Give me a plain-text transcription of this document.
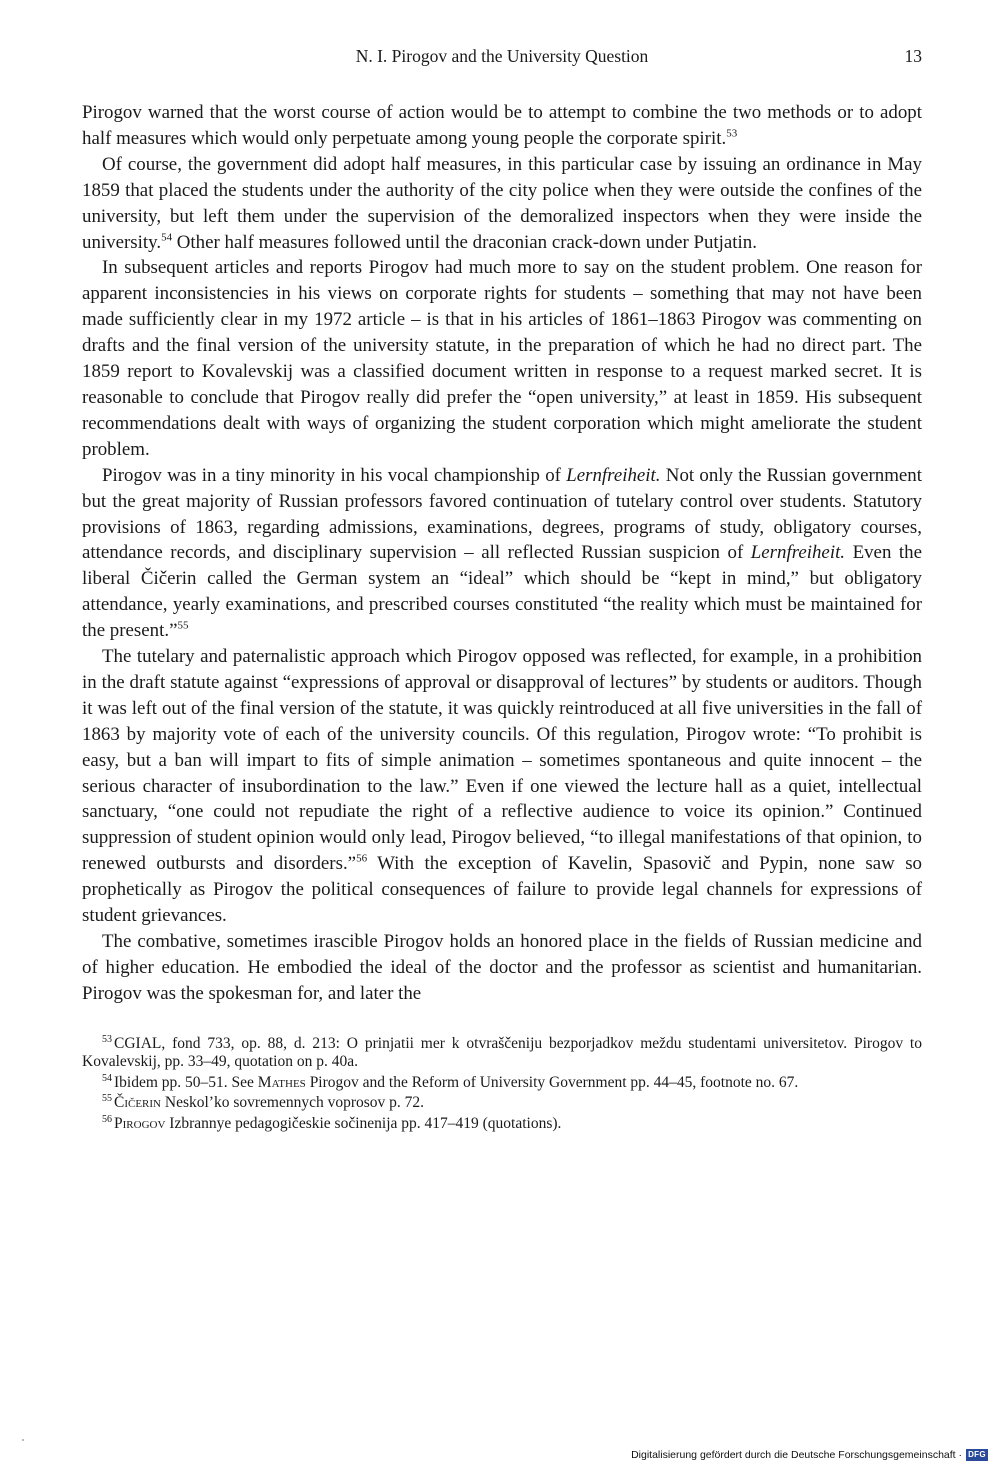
N. I. Pirogov and the University Question	13

Pirogov warned that the worst course of action would be to attempt to combine the two methods or to adopt half measures which would only perpetuate among young people the corporate spirit.$^{53}$

Of course, the government did adopt half measures, in this particular case by issuing an ordinance in May 1859 that placed the students under the authority of the city police when they were outside the confines of the university, but left them under the supervision of the demoralized inspectors when they were inside the university.$^{54}$ Other half measures followed until the draconian crack-down under Putjatin.

In subsequent articles and reports Pirogov had much more to say on the student problem. One reason for apparent inconsistencies in his views on corporate rights for students – something that may not have been made sufficiently clear in my 1972 article – is that in his articles of 1861–1863 Pirogov was commenting on drafts and the final version of the university statute, in the preparation of which he had no direct part. The 1859 report to Kovalevskij was a classified document written in response to a request marked secret. It is reasonable to conclude that Pirogov really did prefer the “open university,” at least in 1859. His subsequent recommendations dealt with ways of organizing the student corporation which might ameliorate the student problem.

Pirogov was in a tiny minority in his vocal championship of Lernfreiheit. Not only the Russian government but the great majority of Russian professors favored continuation of tutelary control over students. Statutory provisions of 1863, regarding admissions, examinations, degrees, programs of study, obligatory courses, attendance records, and disciplinary supervision – all reflected Russian suspicion of Lernfreiheit. Even the liberal Čičerin called the German system an “ideal” which should be “kept in mind,” but obligatory attendance, yearly examinations, and prescribed courses constituted “the reality which must be maintained for the present.”$^{55}$

The tutelary and paternalistic approach which Pirogov opposed was reflected, for example, in a prohibition in the draft statute against “expressions of approval or disapproval of lectures” by students or auditors. Though it was left out of the final version of the statute, it was quickly reintroduced at all five universities in the fall of 1863 by majority vote of each of the university councils. Of this regulation, Pirogov wrote: “To prohibit is easy, but a ban will impart to fits of simple animation – sometimes spontaneous and quite innocent – the serious character of insubordination to the law.” Even if one viewed the lecture hall as a quiet, intellectual sanctuary, “one could not repudiate the right of a reflective audience to voice its opinion.” Continued suppression of student opinion would only lead, Pirogov believed, “to illegal manifestations of that opinion, to renewed outbursts and disorders.”$^{56}$ With the exception of Kavelin, Spasovič and Pypin, none saw so prophetically as Pirogov the political consequences of failure to provide legal channels for expressions of student grievances.

The combative, sometimes irascible Pirogov holds an honored place in the fields of Russian medicine and of higher education. He embodied the ideal of the doctor and the professor as scientist and humanitarian. Pirogov was the spokesman for, and later the

$^{53}$ CGIAL, fond 733, op. 88, d. 213: O prinjatii mer k otvraščeniju bezporjadkov meždu studentami universitetov. Pirogov to Kovalevskij, pp. 33–49, quotation on p. 40a.

$^{54}$ Ibidem pp. 50–51. See Mathes Pirogov and the Reform of University Government pp. 44–45, footnote no. 67.

$^{55}$ Čičerin Neskol’ko sovremennych voprosov p. 72.

$^{56}$ Pirogov Izbrannye pedagogičeskie sočinenija pp. 417–419 (quotations).

Digitalisierung gefördert durch die Deutsche Forschungsgemeinschaft · DFG
